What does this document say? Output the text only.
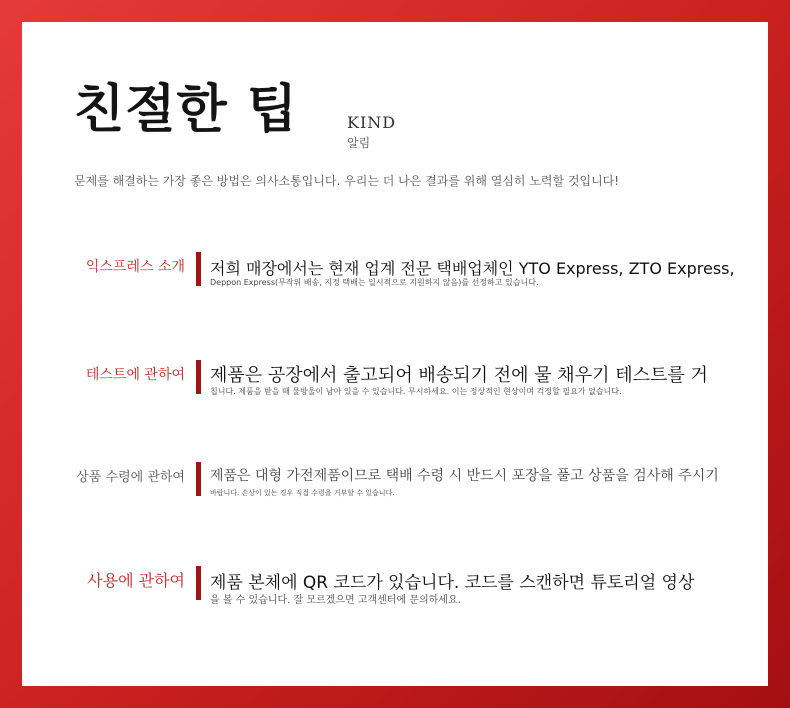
친절한 팁	KIND
알림
문제를 해결하는 가장 좋은 방법은 의사소통입니다. 우리는 더 나은 결과를 위해 열심히 노력할 것입니다!
익스프레스 소개 저희 매장에서는 현재 업계 전문 택배업체인 YTO Express, ZTO Express,
Deppon Express(무작위 배송, 지정 택배는 일시적으로 지원하지 않음)를 선정하고 있습니다.
테스트에 관하여 제품은 공장에서 출고되어 배송되기 전에 물 채우기 테스트를 거
칩니다. 제품을 받을 때 물방울이 남아 있을 수 있습니다. 무시하세요. 이는 정상적인 현상이며 걱정할 필요가 없습니다.
상품 수령에 관하여 제품은 대형 가전제품이므로 택배 수령 시 반드시 포장을 풀고 상품을 검사해 주시기
바랍니다. 손상이 있는 경우 직접 수령을 거부할 수 있습니다.
사용에 관하여 제품 본체에 QR 코드가 있습니다. 코드를 스캔하면 튜토리얼 영상
을 볼 수 있습니다. 잘 모르겠으면 고객센터에 문의하세요.
